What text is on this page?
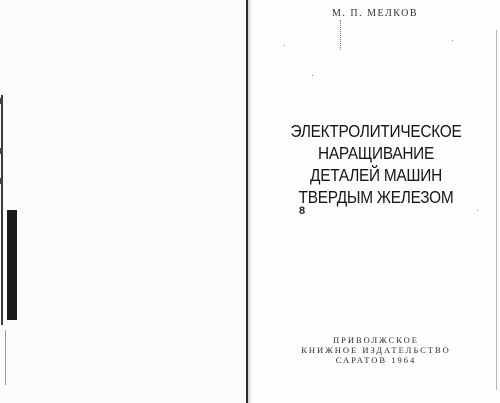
М. П. МЕЛКОВ
ЭЛЕКТРОЛИТИЧЕСКОЕ
НАРАЩИВАНИЕ
ДЕТАЛЕЙ МАШИН
ТВЕРДЫМ ЖЕЛЕЗОМ
8
ПРИВОЛЖСКОЕ
КНИЖНОЕ ИЗДАТЕЛЬСТВО
САРАТОВ 1964
